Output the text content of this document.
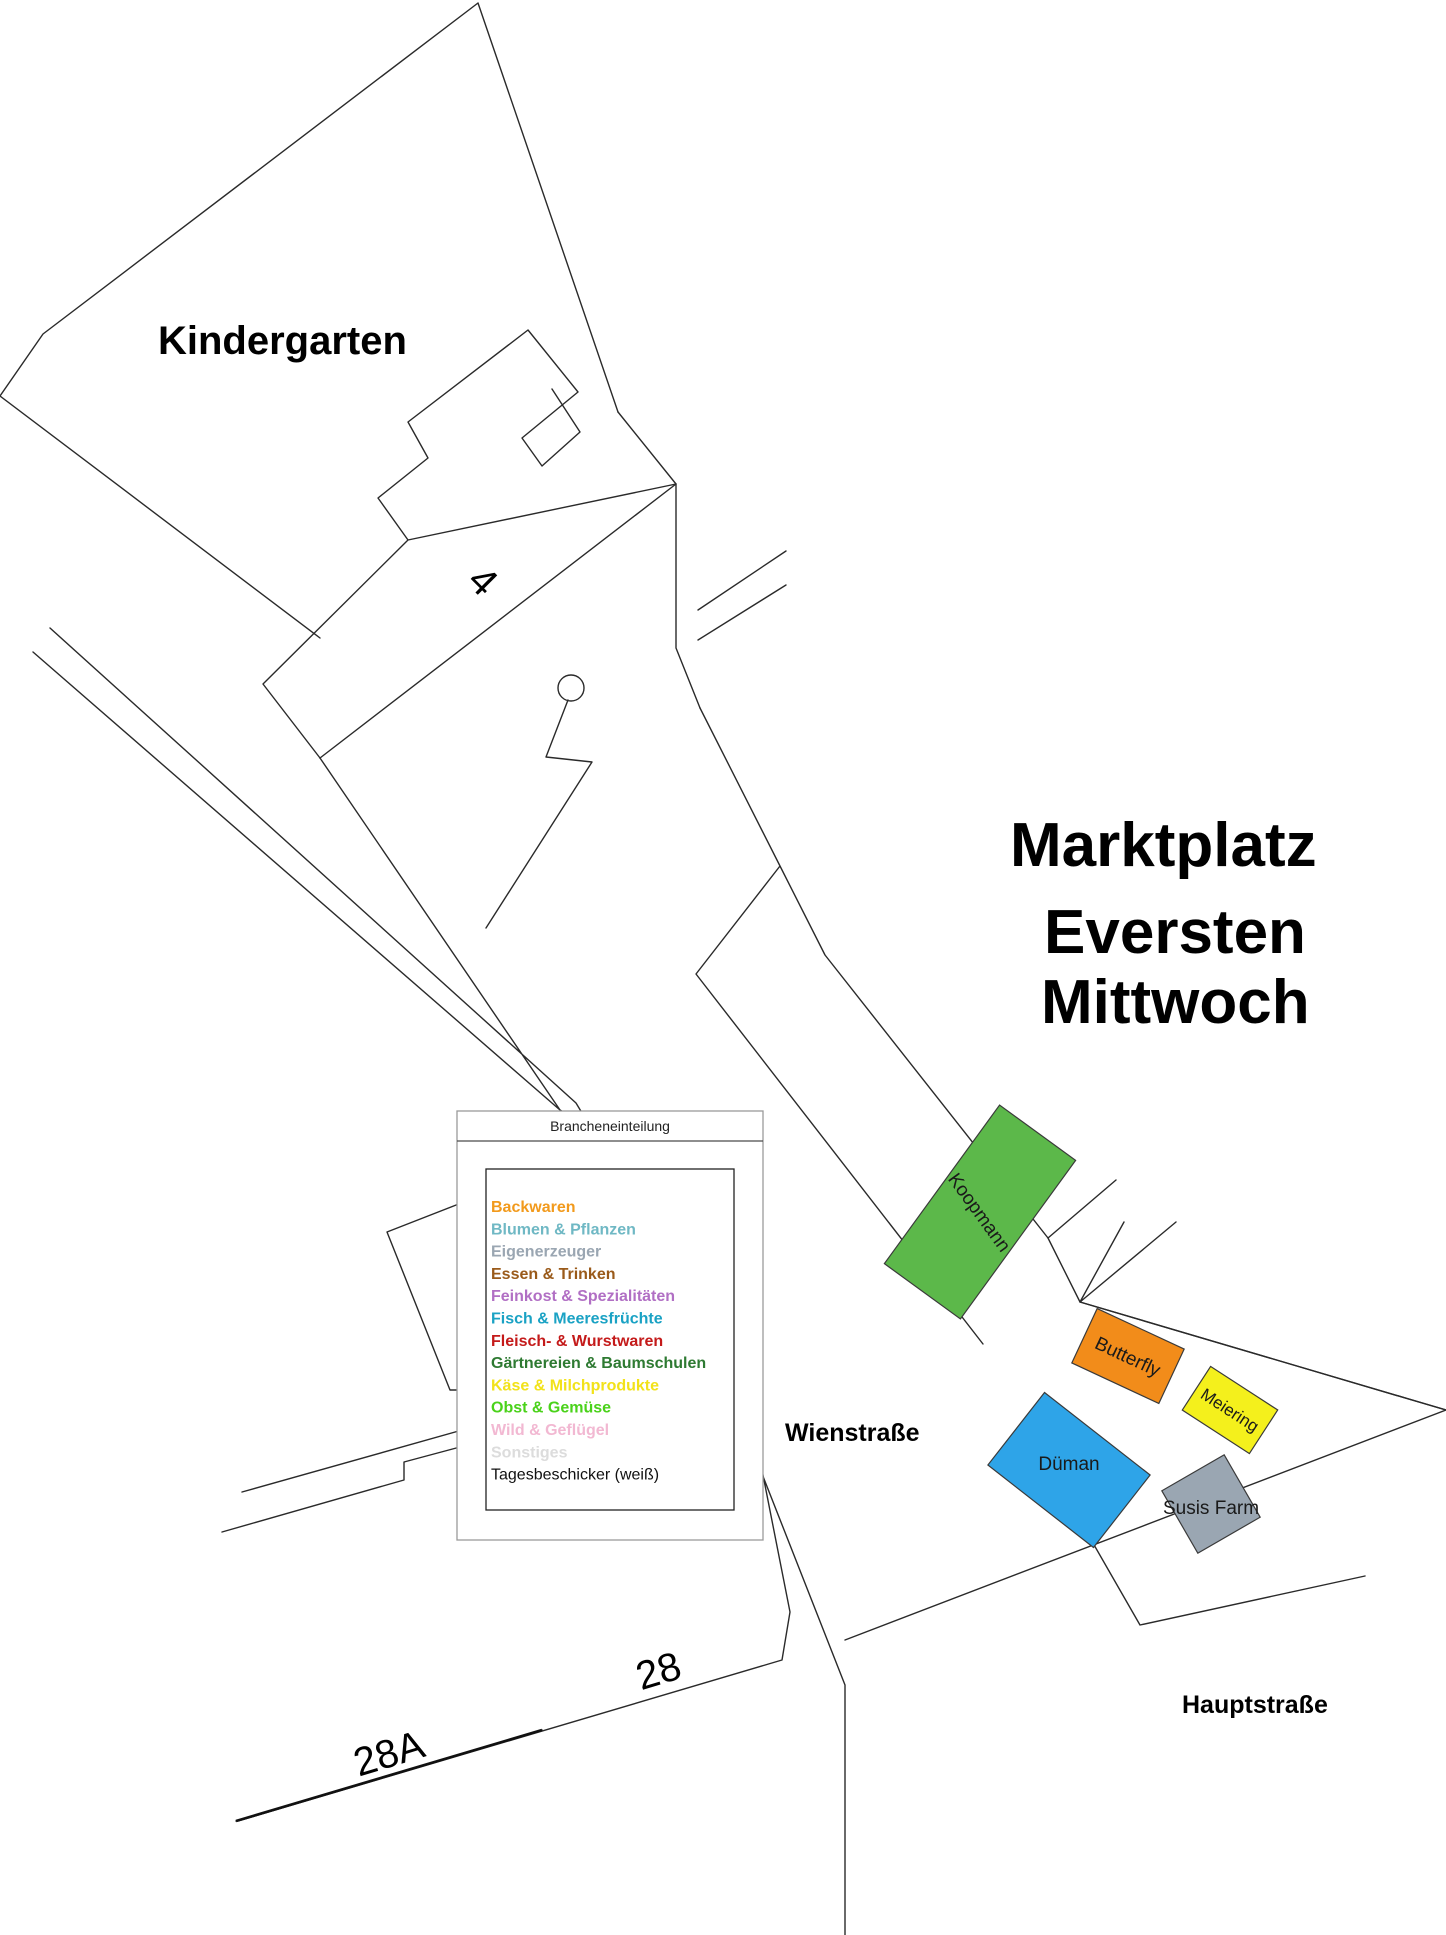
Koopmann
Butterfly
Meiering
Düman
Susis Farm
Kindergarten
Marktplatz
Eversten
Mittwoch
Wienstraße
Hauptstraße
4
28
28A
Brancheneinteilung
Backwaren
Blumen & Pflanzen
Eigenerzeuger
Essen & Trinken
Feinkost & Spezialitäten
Fisch & Meeresfrüchte
Fleisch- & Wurstwaren
Gärtnereien & Baumschulen
Käse & Milchprodukte
Obst & Gemüse
Wild & Geflügel
Sonstiges
Tagesbeschicker (weiß)
